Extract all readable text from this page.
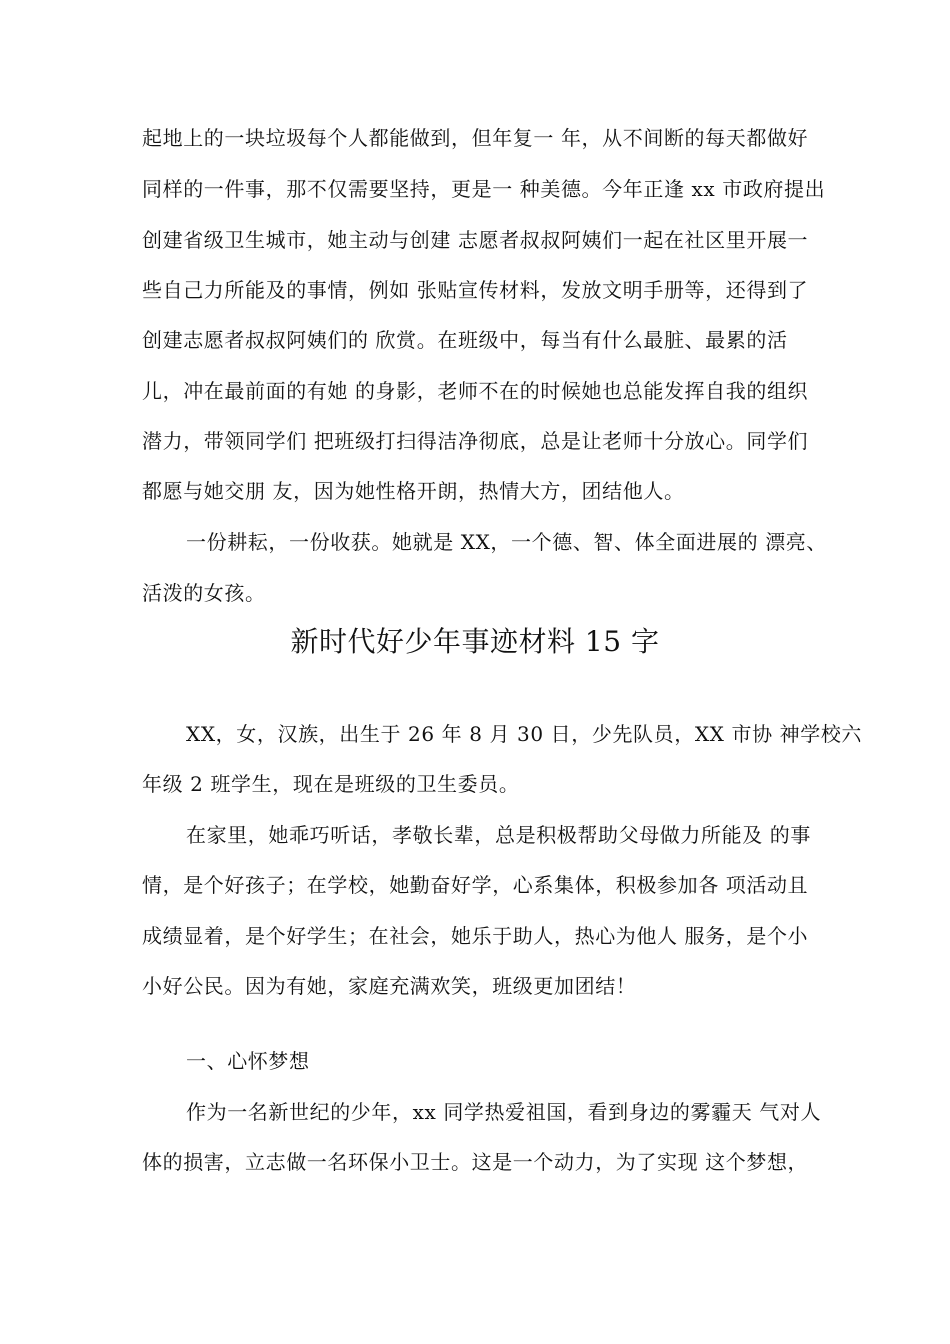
起地上的一块垃圾每个人都能做到，但年复一 年，从不间断的每天都做好
同样的一件事，那不仅需要坚持，更是一 种美德。今年正逢 xx 市政府提出
创建省级卫生城市，她主动与创建 志愿者叔叔阿姨们一起在社区里开展一
些自己力所能及的事情，例如 张贴宣传材料，发放文明手册等，还得到了
创建志愿者叔叔阿姨们的 欣赏。在班级中，每当有什么最脏、最累的活
儿，冲在最前面的有她 的身影，老师不在的时候她也总能发挥自我的组织
潜力，带领同学们 把班级打扫得洁净彻底，总是让老师十分放心。同学们
都愿与她交朋 友，因为她性格开朗，热情大方，团结他人。
一份耕耘，一份收获。她就是 XX，一个德、智、体全面进展的 漂亮、
活泼的女孩。
新时代好少年事迹材料 15 字
XX，女，汉族，出生于 26 年 8 月 30 日，少先队员，XX 市协 神学校六
年级 2 班学生，现在是班级的卫生委员。
在家里，她乖巧听话，孝敬长辈，总是积极帮助父母做力所能及 的事
情，是个好孩子；在学校，她勤奋好学，心系集体，积极参加各 项活动且
成绩显着，是个好学生；在社会，她乐于助人，热心为他人 服务，是个小
小好公民。因为有她，家庭充满欢笑，班级更加团结！
一、心怀梦想
作为一名新世纪的少年，xx 同学热爱祖国，看到身边的雾霾天 气对人
体的损害，立志做一名环保小卫士。这是一个动力，为了实现 这个梦想，
